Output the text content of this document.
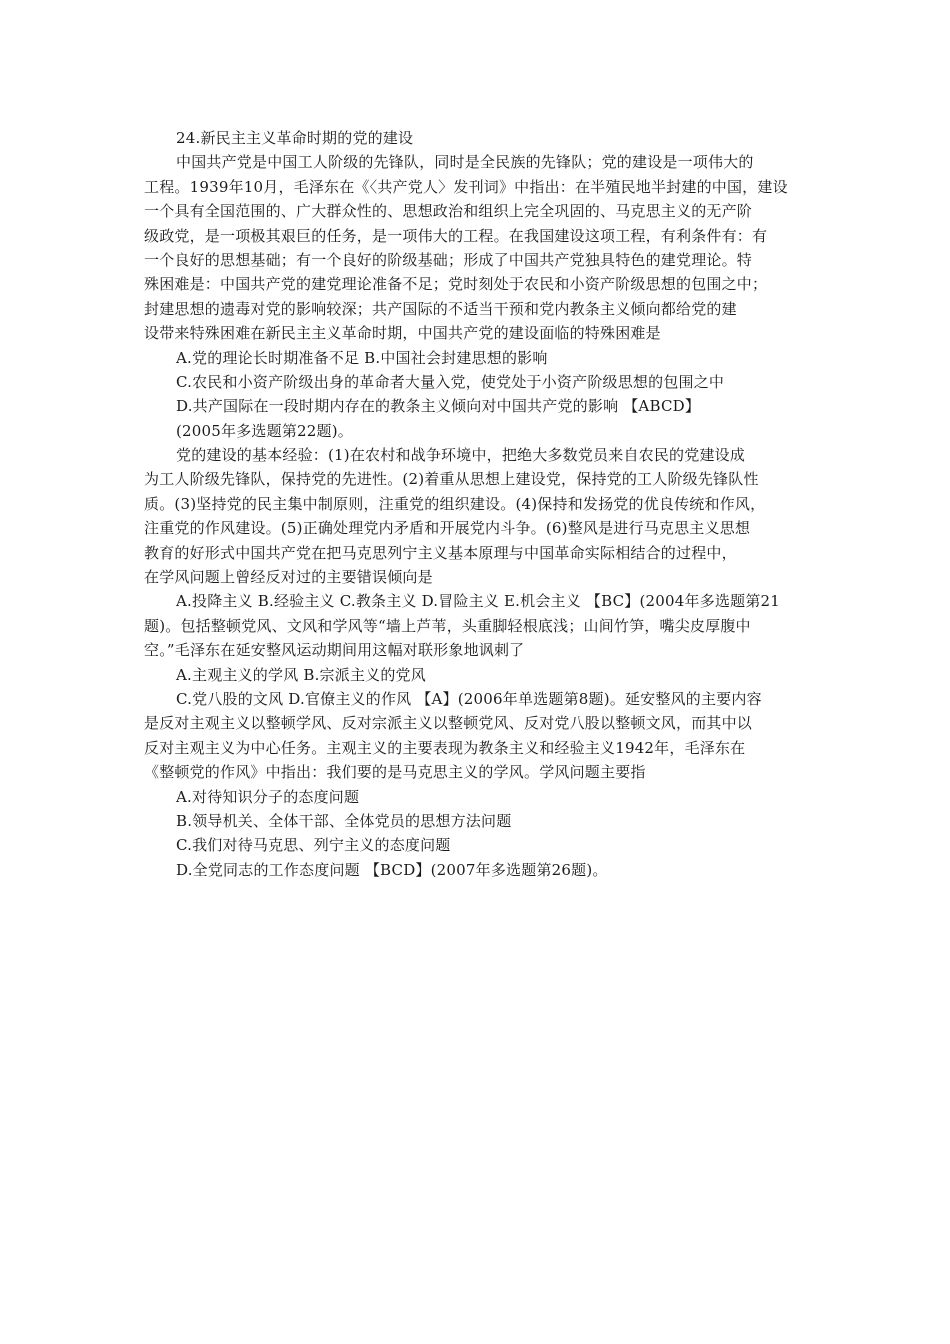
24.新民主主义革命时期的党的建设
中国共产党是中国工人阶级的先锋队，同时是全民族的先锋队；党的建设是一项伟大的
工程。1939年10月，毛泽东在《〈共产党人〉发刊词》中指出：在半殖民地半封建的中国，建设
一个具有全国范围的、广大群众性的、思想政治和组织上完全巩固的、马克思主义的无产阶
级政党，是一项极其艰巨的任务，是一项伟大的工程。在我国建设这项工程，有利条件有：有
一个良好的思想基础；有一个良好的阶级基础；形成了中国共产党独具特色的建党理论。特
殊困难是：中国共产党的建党理论准备不足；党时刻处于农民和小资产阶级思想的包围之中；
封建思想的遗毒对党的影响较深；共产国际的不适当干预和党内教条主义倾向都给党的建
设带来特殊困难在新民主主义革命时期，中国共产党的建设面临的特殊困难是
A.党的理论长时期准备不足 B.中国社会封建思想的影响
C.农民和小资产阶级出身的革命者大量入党，使党处于小资产阶级思想的包围之中
D.共产国际在一段时期内存在的教条主义倾向对中国共产党的影响 【ABCD】
(2005年多选题第22题)。
党的建设的基本经验：(1)在农村和战争环境中，把绝大多数党员来自农民的党建设成
为工人阶级先锋队，保持党的先进性。(2)着重从思想上建设党，保持党的工人阶级先锋队性
质。(3)坚持党的民主集中制原则，注重党的组织建设。(4)保持和发扬党的优良传统和作风，
注重党的作风建设。(5)正确处理党内矛盾和开展党内斗争。(6)整风是进行马克思主义思想
教育的好形式中国共产党在把马克思列宁主义基本原理与中国革命实际相结合的过程中，
在学风问题上曾经反对过的主要错误倾向是
A.投降主义 B.经验主义 C.教条主义 D.冒险主义 E.机会主义 【BC】(2004年多选题第21
题)。包括整顿党风、文风和学风等“墙上芦苇，头重脚轻根底浅；山间竹笋，嘴尖皮厚腹中
空。”毛泽东在延安整风运动期间用这幅对联形象地讽刺了
A.主观主义的学风 B.宗派主义的党风
C.党八股的文风 D.官僚主义的作风 【A】(2006年单选题第8题)。延安整风的主要内容
是反对主观主义以整顿学风、反对宗派主义以整顿党风、反对党八股以整顿文风，而其中以
反对主观主义为中心任务。主观主义的主要表现为教条主义和经验主义1942年，毛泽东在
《整顿党的作风》中指出：我们要的是马克思主义的学风。学风问题主要指
A.对待知识分子的态度问题
B.领导机关、全体干部、全体党员的思想方法问题
C.我们对待马克思、列宁主义的态度问题
D.全党同志的工作态度问题 【BCD】(2007年多选题第26题)。
